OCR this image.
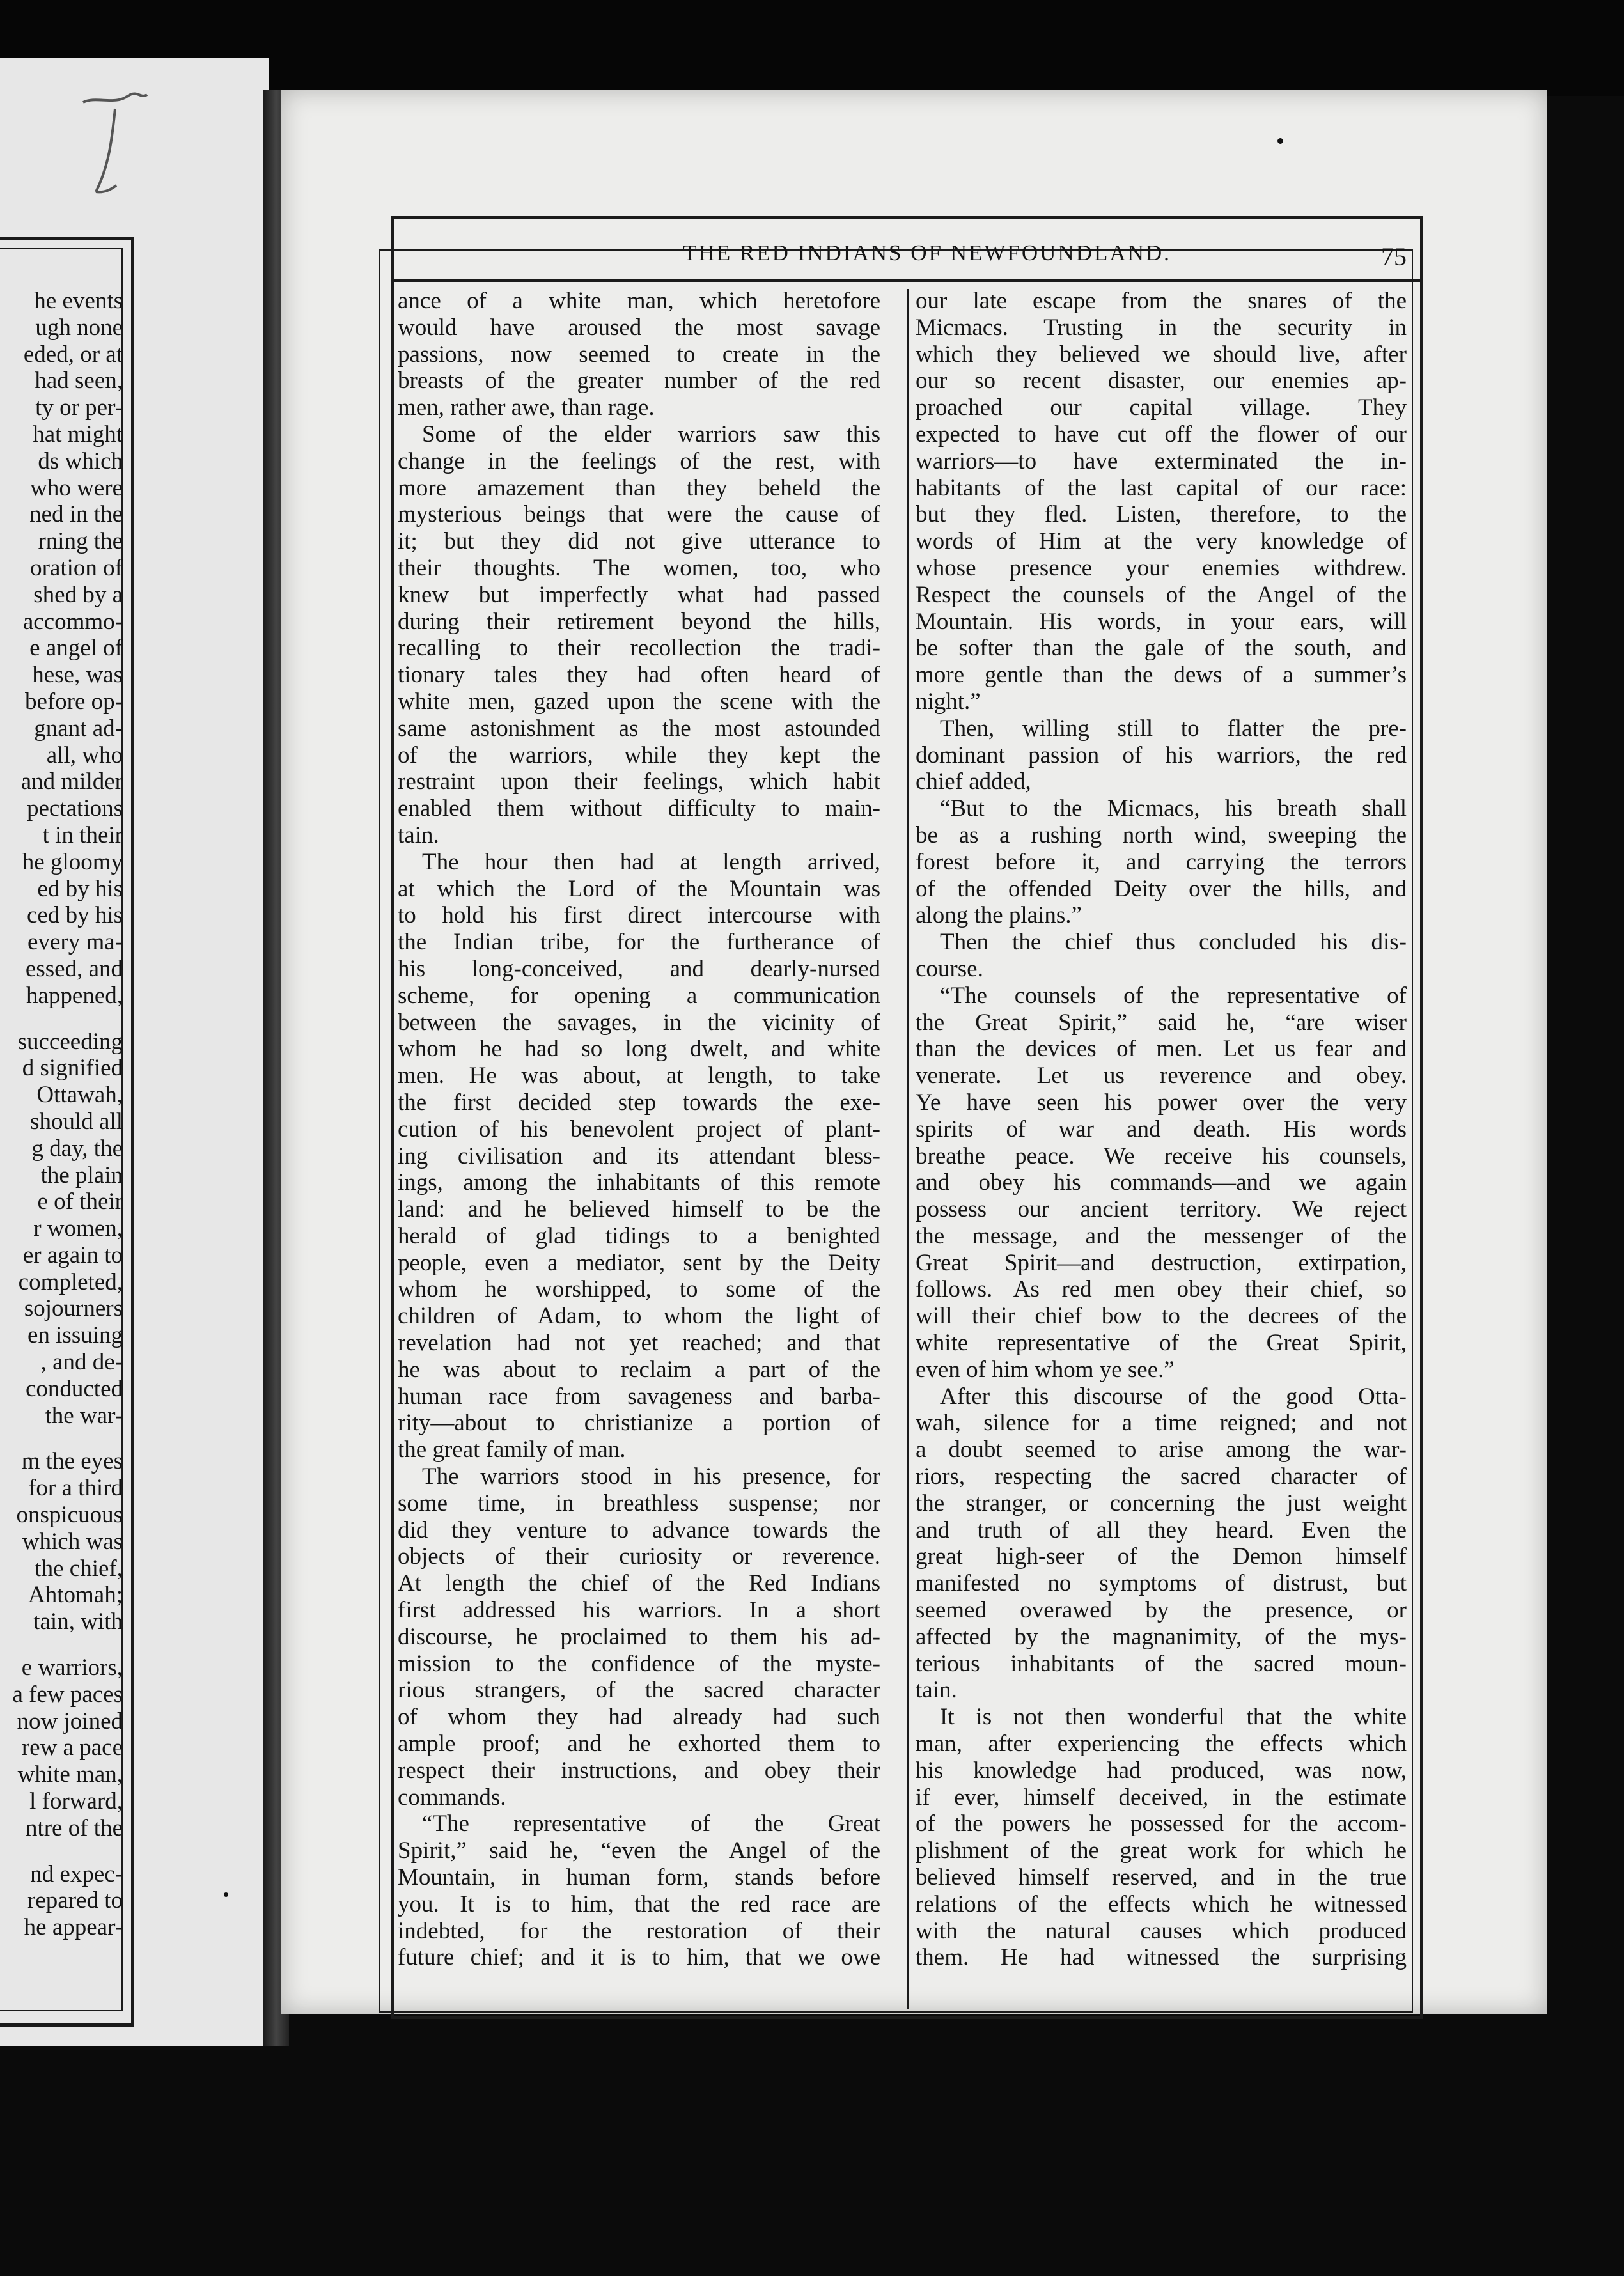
he events
ugh none
eded, or at
had seen,
ty or per-
hat might
ds which
who were
ned in the
rning the
oration of
shed by a
accommo-
e angel of
hese, was
before op-
gnant ad-
all, who
and milder
pectations
t in their
he gloomy
ed by his
ced by his
every ma-
essed, and
happened,
succeeding
d signified
Ottawah,
should all
g day, the
the plain
e of their
r women,
er again to
completed,
sojourners
en issuing
, and de-
conducted
the war-
m the eyes
for a third
onspicuous
which was
the chief,
Ahtomah;
tain, with
e warriors,
a few paces
now joined
rew a pace
white man,
l forward,
ntre of the
nd expec-
repared to
he appear-
THE RED INDIANS OF NEWFOUNDLAND.	75
ance of a white man, which heretofore
would have aroused the most savage
passions, now seemed to create in the
breasts of the greater number of the red
men, rather awe, than rage.
Some of the elder warriors saw this
change in the feelings of the rest, with
more amazement than they beheld the
mysterious beings that were the cause of
it; but they did not give utterance to
their thoughts. The women, too, who
knew but imperfectly what had passed
during their retirement beyond the hills,
recalling to their recollection the tradi-
tionary tales they had often heard of
white men, gazed upon the scene with the
same astonishment as the most astounded
of the warriors, while they kept the
restraint upon their feelings, which habit
enabled them without difficulty to main-
tain.
The hour then had at length arrived,
at which the Lord of the Mountain was
to hold his first direct intercourse with
the Indian tribe, for the furtherance of
his long-conceived, and dearly-nursed
scheme, for opening a communication
between the savages, in the vicinity of
whom he had so long dwelt, and white
men. He was about, at length, to take
the first decided step towards the exe-
cution of his benevolent project of plant-
ing civilisation and its attendant bless-
ings, among the inhabitants of this remote
land: and he believed himself to be the
herald of glad tidings to a benighted
people, even a mediator, sent by the Deity
whom he worshipped, to some of the
children of Adam, to whom the light of
revelation had not yet reached; and that
he was about to reclaim a part of the
human race from savageness and barba-
rity—about to christianize a portion of
the great family of man.
The warriors stood in his presence, for
some time, in breathless suspense; nor
did they venture to advance towards the
objects of their curiosity or reverence.
At length the chief of the Red Indians
first addressed his warriors. In a short
discourse, he proclaimed to them his ad-
mission to the confidence of the myste-
rious strangers, of the sacred character
of whom they had already had such
ample proof; and he exhorted them to
respect their instructions, and obey their
commands.
“The representative of the Great
Spirit,” said he, “even the Angel of the
Mountain, in human form, stands before
you. It is to him, that the red race are
indebted, for the restoration of their
future chief; and it is to him, that we owe
our late escape from the snares of the
Micmacs. Trusting in the security in
which they believed we should live, after
our so recent disaster, our enemies ap-
proached our capital village. They
expected to have cut off the flower of our
warriors—to have exterminated the in-
habitants of the last capital of our race:
but they fled. Listen, therefore, to the
words of Him at the very knowledge of
whose presence your enemies withdrew.
Respect the counsels of the Angel of the
Mountain. His words, in your ears, will
be softer than the gale of the south, and
more gentle than the dews of a summer’s
night.”
Then, willing still to flatter the pre-
dominant passion of his warriors, the red
chief added,
“But to the Micmacs, his breath shall
be as a rushing north wind, sweeping the
forest before it, and carrying the terrors
of the offended Deity over the hills, and
along the plains.”
Then the chief thus concluded his dis-
course.
“The counsels of the representative of
the Great Spirit,” said he, “are wiser
than the devices of men. Let us fear and
venerate. Let us reverence and obey.
Ye have seen his power over the very
spirits of war and death. His words
breathe peace. We receive his counsels,
and obey his commands—and we again
possess our ancient territory. We reject
the message, and the messenger of the
Great Spirit—and destruction, extirpation,
follows. As red men obey their chief, so
will their chief bow to the decrees of the
white representative of the Great Spirit,
even of him whom ye see.”
After this discourse of the good Otta-
wah, silence for a time reigned; and not
a doubt seemed to arise among the war-
riors, respecting the sacred character of
the stranger, or concerning the just weight
and truth of all they heard. Even the
great high-seer of the Demon himself
manifested no symptoms of distrust, but
seemed overawed by the presence, or
affected by the magnanimity, of the mys-
terious inhabitants of the sacred moun-
tain.
It is not then wonderful that the white
man, after experiencing the effects which
his knowledge had produced, was now,
if ever, himself deceived, in the estimate
of the powers he possessed for the accom-
plishment of the great work for which he
believed himself reserved, and in the true
relations of the effects which he witnessed
with the natural causes which produced
them. He had witnessed the surprising
